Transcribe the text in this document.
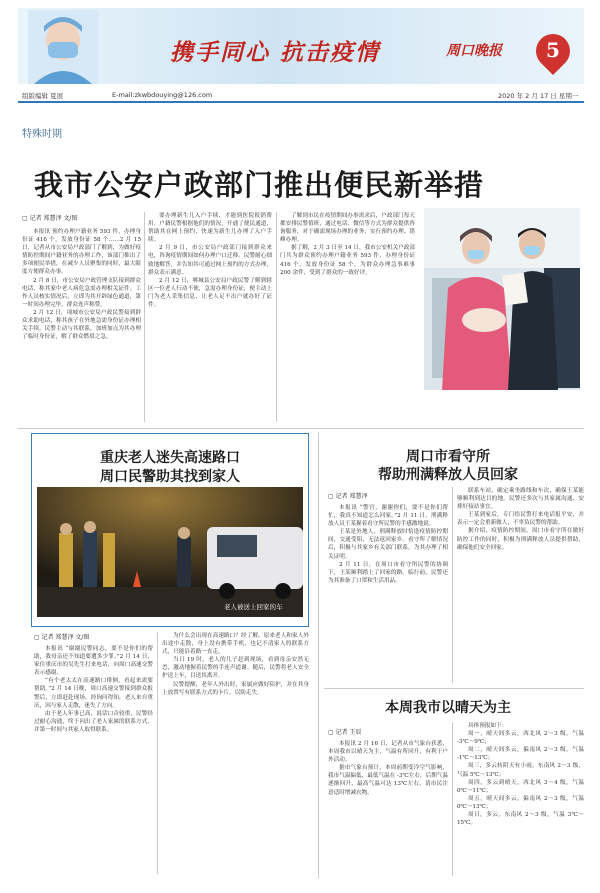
携手同心 抗击疫情	周口晚报	5
组版编辑 夏展	E-mail:zkwbdouying@126.com	2020 年 2 月 17 日 星期一
特殊时期
我市公安户政部门推出便民新举措
▢ 记者 郑慧泽 文/图

本报讯 预约办理户籍业务 593 件，办理身份证 416 个，发放身份证 58 个……2 月 15 日，记者从市公安局户政部门了解到，为做好疫情防控期间户籍业务的办理工作，该部门推出了多项便民举措，在减少人员聚集的同时，最大限度方便群众办事。

2 月 8 日，市公安局户政管理支队接到群众电话，称其家中老人病危急需办理相关证件。工作人员核实情况后，立即为其开辟绿色通道，第一时间办理完毕，群众连声称赞。

2 月 12 日，项城市公安局户政民警接到群众求助电话，称其孩子在外地急需身份证办理相关手续。民警主动与其联系，加班加点为其办理了临时身份证，解了群众燃眉之急。

要办理新生儿入户手续，才能到医院报销费用。户籍民警根据他们的情况，开通了便民通道，帮助其在网上预约，快速为新生儿办理了入户手续。

2 月 9 日，市公安局户政部门接到群众来电，咨询疫情期间如何办理户口迁移。民警耐心细致地解答，并告知其可通过网上预约的方式办理，群众表示满意。

2 月 12 日，郸城县公安局户政民警了解到辖区一位老人行动不便，急需办理身份证，便主动上门为老人采集信息，让老人足不出户就办好了证件。

了解到市民在疫情期间办事需求后，户政部门每天都安排民警值班，通过电话、微信等方式为群众提供咨询服务，对于确需现场办理的业务，实行预约办理、错峰办理。

据了解，2 月 3 日至 14 日，我市公安机关户政部门共为群众预约办理户籍业务 593 件，办理身份证 416 个，发放身份证 58 个，为群众办理急事难事 200 余件，受到了群众的一致好评。

重庆老人迷失高速路口
周口民警助其找到家人
老人被送上回家的车
▢ 记者 郑慧泽 文/图

本报讯 “谢谢民警同志，要不是你们的帮助，我母亲还不知道要遭多少罪。”2 月 14 日，家住重庆市的吴先生打来电话，向周口高速交警表示感谢。

“有个老太太在高速路口徘徊，看起来需要帮助。”2 月 14 日晚，周口高速交警接到群众报警后，立即赶赴现场。经询问得知，老人来自重庆，因与家人走散，迷失了方向。

由于老人年事已高，说话口音较重，民警经过耐心沟通，终于问出了老人家属的联系方式，并第一时间与其家人取得联系。

为什么会出现在高速路口？经了解，原来老人和家人外出途中走散，身上没有携带手机，也记不清家人的联系方式，只能沿着路一直走。

当日 19 时，老人的儿子赶到现场，看到母亲安然无恙，激动地握着民警的手连声道谢。随后，民警将老人安全护送上车，目送其离开。

民警提醒，老年人外出时，家属应做好陪护，并在其身上放置写有联系方式的卡片，以防走失。

周口市看守所
帮助刑满释放人员回家
▢ 记者 郑慧泽

本报讯 “警官，谢谢你们，要不是你们帮忙，我真不知道怎么回家。”2 月 11 日，刑满释放人员王某握着看守所民警的手感激地说。

王某是外地人，刑满释放时恰逢疫情防控期间，交通受阻，无法返回家乡。看守所了解情况后，积极与其家乡有关部门联系，为其办理了相关证明。

2 月 11 日，在周口市看守所民警的协调下，王某顺利踏上了回家的路。临行前，民警还为其准备了口罩和生活用品。

联系车站，确定乘坐路线和车次，确保王某能够顺利到达目的地。民警还多次与其家属沟通，安排好接站事宜。

王某到家后，专门给民警打来电话报平安，并表示一定会重新做人，不辜负民警的帮助。

据介绍，疫情防控期间，周口市看守所在做好防控工作的同时，积极为刑满释放人员提供帮助，确保他们安全回家。

本周我市以晴天为主
▢ 记者 王辰

本报讯 2 月 16 日，记者从市气象台获悉，本周我市以晴天为主，气温有所回升，有利于户外活动。

据市气象台预计，本周前期受冷空气影响，我市气温偏低，最低气温在 -3℃左右，后期气温逐渐回升，最高气温可达 13℃左右，请市民注意适时增减衣物。

具体预报如下：

周一，晴天间多云，西北风 2～3 级，气温 -3℃～9℃；

周二，晴天间多云，偏南风 2～3 级，气温 -1℃～13℃；

周三，多云转阴天有小雨，东南风 2～3 级，气温 5℃～13℃；

周四，多云到晴天，西北风 3～4 级，气温 0℃～11℃；

周五，晴天间多云，偏南风 2～3 级，气温 0℃～13℃；

周日，多云，东南风 2～3 级，气温 3℃～15℃。
